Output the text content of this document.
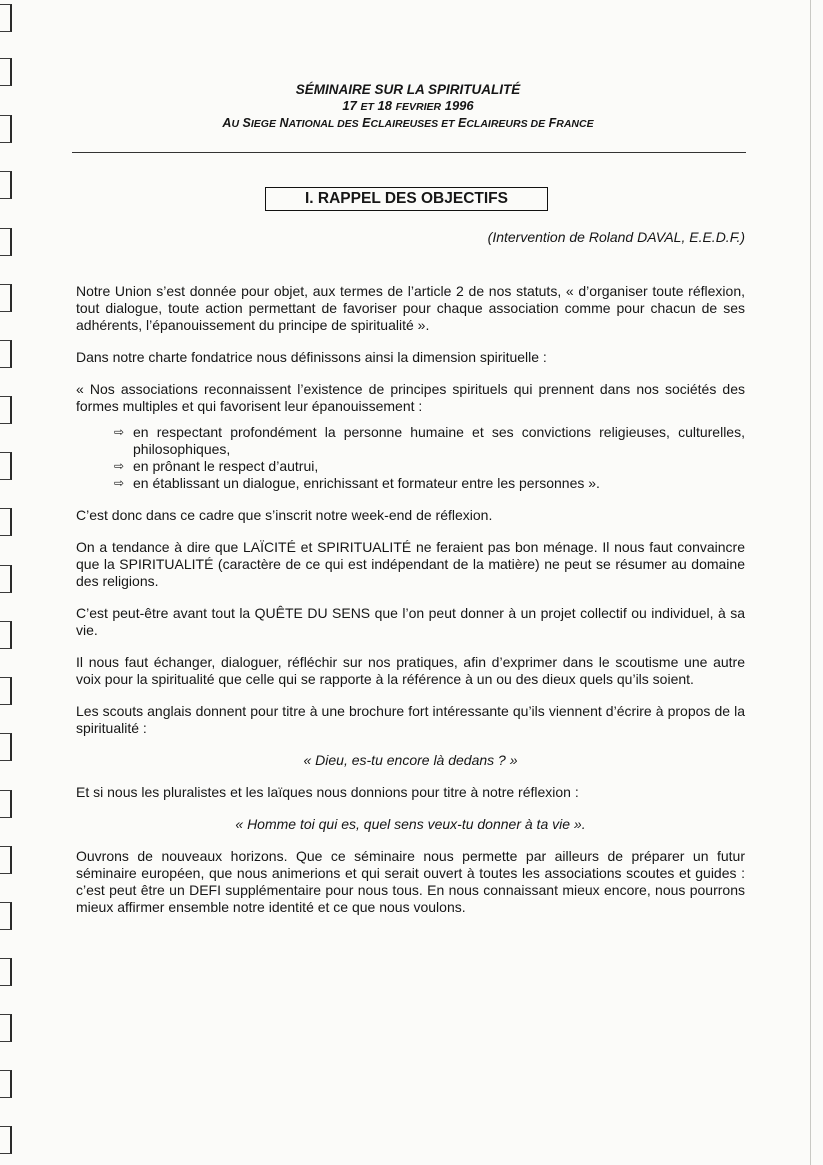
SÉMINAIRE SUR LA SPIRITUALITÉ
17 ET 18 FEVRIER 1996
AU SIEGE NATIONAL DES ECLAIREUSES ET ECLAIREURS DE FRANCE
I. RAPPEL DES OBJECTIFS
(Intervention de Roland DAVAL, E.E.D.F.)

Notre Union s’est donnée pour objet, aux termes de l’article 2 de nos statuts, « d’organiser toute réflexion, tout dialogue, toute action permettant de favoriser pour chaque association comme pour chacun de ses adhérents, l’épanouissement du principe de spiritualité ».

Dans notre charte fondatrice nous définissons ainsi la dimension spirituelle :

« Nos associations reconnaissent l’existence de principes spirituels qui prennent dans nos sociétés des formes multiples et qui favorisent leur épanouissement :

⇨ en respectant profondément la personne humaine et ses convictions religieuses, culturelles, philosophiques,
⇨ en prônant le respect d’autrui,
⇨ en établissant un dialogue, enrichissant et formateur entre les personnes ».

C’est donc dans ce cadre que s’inscrit notre week-end de réflexion.

On a tendance à dire que LAÏCITÉ et SPIRITUALITÉ ne feraient pas bon ménage. Il nous faut convaincre que la SPIRITUALITÉ (caractère de ce qui est indépendant de la matière) ne peut se résumer au domaine des religions.

C’est peut-être avant tout la QUÊTE DU SENS que l’on peut donner à un projet collectif ou individuel, à sa vie.

Il nous faut échanger, dialoguer, réfléchir sur nos pratiques, afin d’exprimer dans le scoutisme une autre voix pour la spiritualité que celle qui se rapporte à la référence à un ou des dieux quels qu’ils soient.

Les scouts anglais donnent pour titre à une brochure fort intéressante qu’ils viennent d’écrire à propos de la spiritualité :

« Dieu, es-tu encore là dedans ? »

Et si nous les pluralistes et les laïques nous donnions pour titre à notre réflexion :

« Homme toi qui es, quel sens veux-tu donner à ta vie ».

Ouvrons de nouveaux horizons. Que ce séminaire nous permette par ailleurs de préparer un futur séminaire européen, que nous animerions et qui serait ouvert à toutes les associations scoutes et guides : c’est peut être un DEFI supplémentaire pour nous tous. En nous connaissant mieux encore, nous pourrons mieux affirmer ensemble notre identité et ce que nous voulons.
